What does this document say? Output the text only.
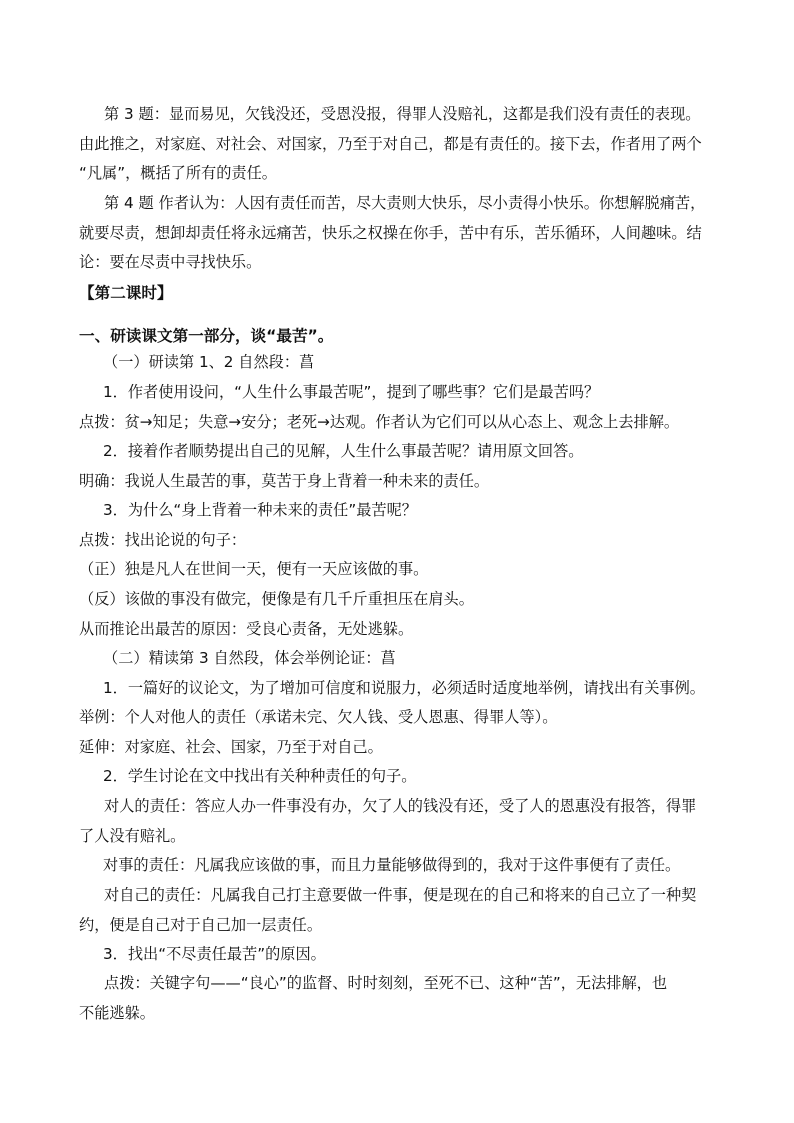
第 3 题：显而易见，欠钱没还，受恩没报，得罪人没赔礼，这都是我们没有责任的表现。
由此推之，对家庭、对社会、对国家，乃至于对自己，都是有责任的。接下去，作者用了两个
“凡属”，概括了所有的责任。
第 4 题 作者认为：人因有责任而苦，尽大责则大快乐，尽小责得小快乐。你想解脱痛苦，
就要尽责，想卸却责任将永远痛苦，快乐之权操在你手，苦中有乐，苦乐循环，人间趣味。结
论：要在尽责中寻找快乐。
【第二课时】
一、研读课文第一部分，谈“最苦”。
（一）研读第 1、2 自然段：菖
1．作者使用设问，“人生什么事最苦呢”，提到了哪些事？它们是最苦吗？
点拨：贫→知足；失意→安分；老死→达观。作者认为它们可以从心态上、观念上去排解。
2．接着作者顺势提出自己的见解，人生什么事最苦呢？请用原文回答。
明确：我说人生最苦的事，莫苦于身上背着一种未来的责任。
3．为什么“身上背着一种未来的责任”最苦呢？
点拨：找出论说的句子：
（正）独是凡人在世间一天，便有一天应该做的事。
（反）该做的事没有做完，便像是有几千斤重担压在肩头。
从而推论出最苦的原因：受良心责备，无处逃躲。
（二）精读第 3 自然段，体会举例论证：菖
1．一篇好的议论文，为了增加可信度和说服力，必须适时适度地举例，请找出有关事例。
举例：个人对他人的责任（承诺未完、欠人钱、受人恩惠、得罪人等）。
延伸：对家庭、社会、国家，乃至于对自己。
2．学生讨论在文中找出有关种种责任的句子。
对人的责任：答应人办一件事没有办，欠了人的钱没有还，受了人的恩惠没有报答，得罪
了人没有赔礼。
对事的责任：凡属我应该做的事，而且力量能够做得到的，我对于这件事便有了责任。
对自己的责任：凡属我自己打主意要做一件事，便是现在的自己和将来的自己立了一种契
约，便是自己对于自己加一层责任。
3．找出“不尽责任最苦”的原因。
点拨：关键字句——“良心”的监督、时时刻刻，至死不已、这种“苦”，无法排解，也
不能逃躲。
